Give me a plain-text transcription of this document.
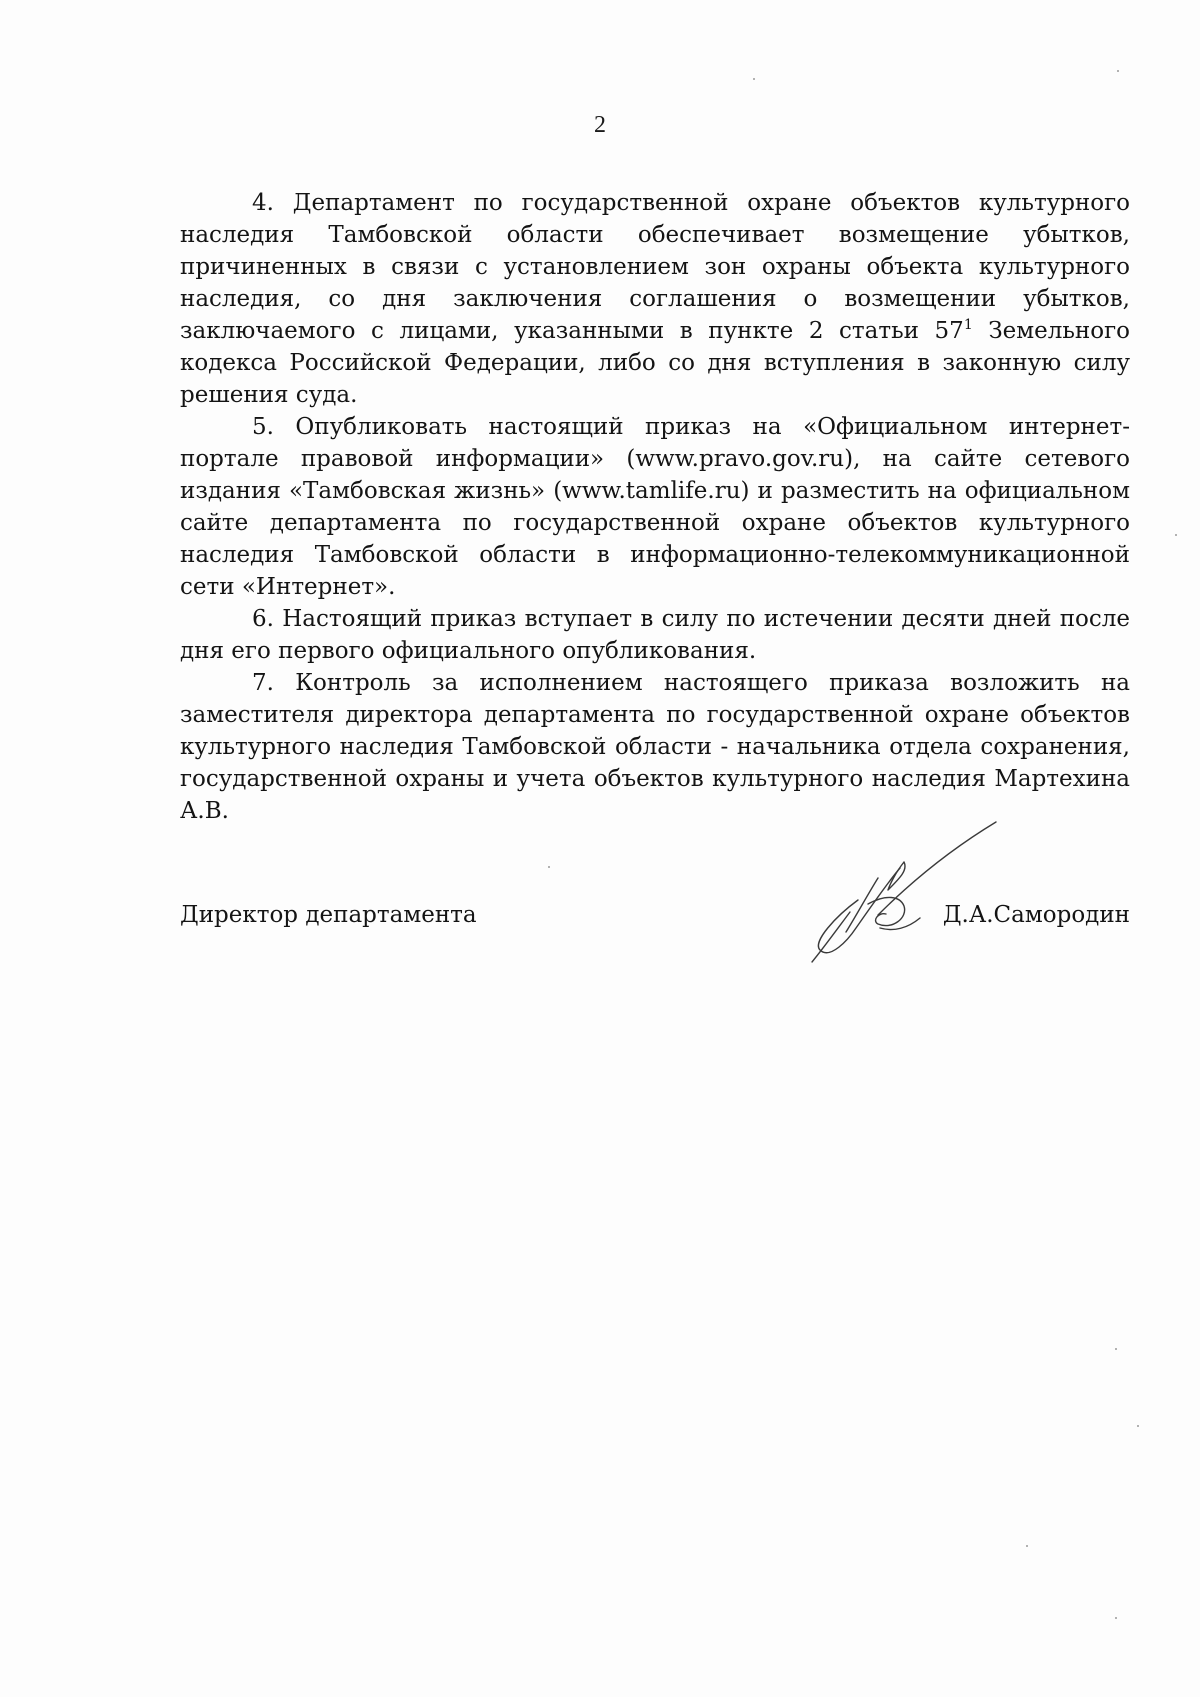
2

4. Департамент по государственной охране объектов культурного наследия Тамбовской области обеспечивает возмещение убытков, причиненных в связи с установлением зон охраны объекта культурного наследия, со дня заключения соглашения о возмещении убытков, заключаемого с лицами, указанными в пункте 2 статьи $57^1$ Земельного кодекса Российской Федерации, либо со дня вступления в законную силу решения суда.

5. Опубликовать настоящий приказ на «Официальном интернет-портале правовой информации» (www.pravo.gov.ru), на сайте сетевого издания «Тамбовская жизнь» (www.tamlife.ru) и разместить на официальном сайте департамента по государственной охране объектов культурного наследия Тамбовской области в информационно-телекоммуникационной сети «Интернет».

6. Настоящий приказ вступает в силу по истечении десяти дней после дня его первого официального опубликования.

7. Контроль за исполнением настоящего приказа возложить на заместителя директора департамента по государственной охране объектов культурного наследия Тамбовской области - начальника отдела сохранения, государственной охраны и учета объектов культурного наследия Мартехина А.В.

Директор департамента	Д.А.Самородин
